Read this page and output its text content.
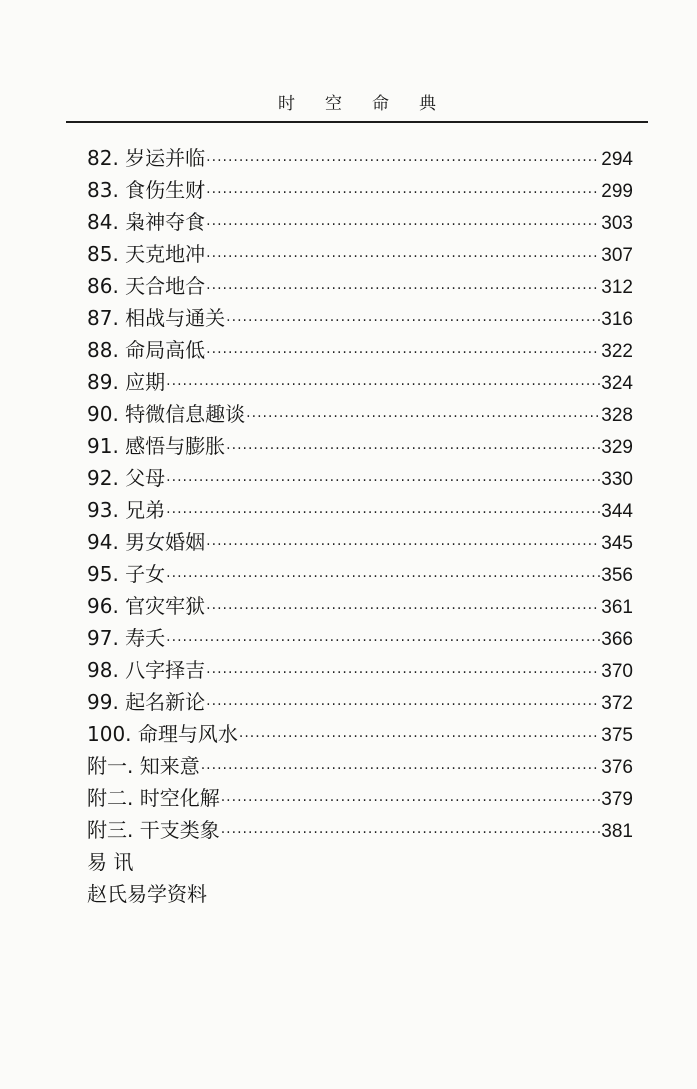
时空命典
82. 岁运并临 ·····	294
83. 食伤生财 ·····	299
84. 枭神夺食 ·····	303
85. 天克地冲 ·····	307
86. 天合地合 ·····	312
87. 相战与通关 ·····	316
88. 命局高低 ·····	322
89. 应期 ·····	324
90. 特微信息趣谈 ·····	328
91. 感悟与膨胀 ·····	329
92. 父母 ·····	330
93. 兄弟 ·····	344
94. 男女婚姻 ·····	345
95. 子女 ·····	356
96. 官灾牢狱 ·····	361
97. 寿夭 ·····	366
98. 八字择吉 ·····	370
99. 起名新论 ·····	372
100. 命理与风水 ·····	375
附一. 知来意 ·····	376
附二. 时空化解 ·····	379
附三. 干支类象 ·····	381
易 讯
赵氏易学资料
